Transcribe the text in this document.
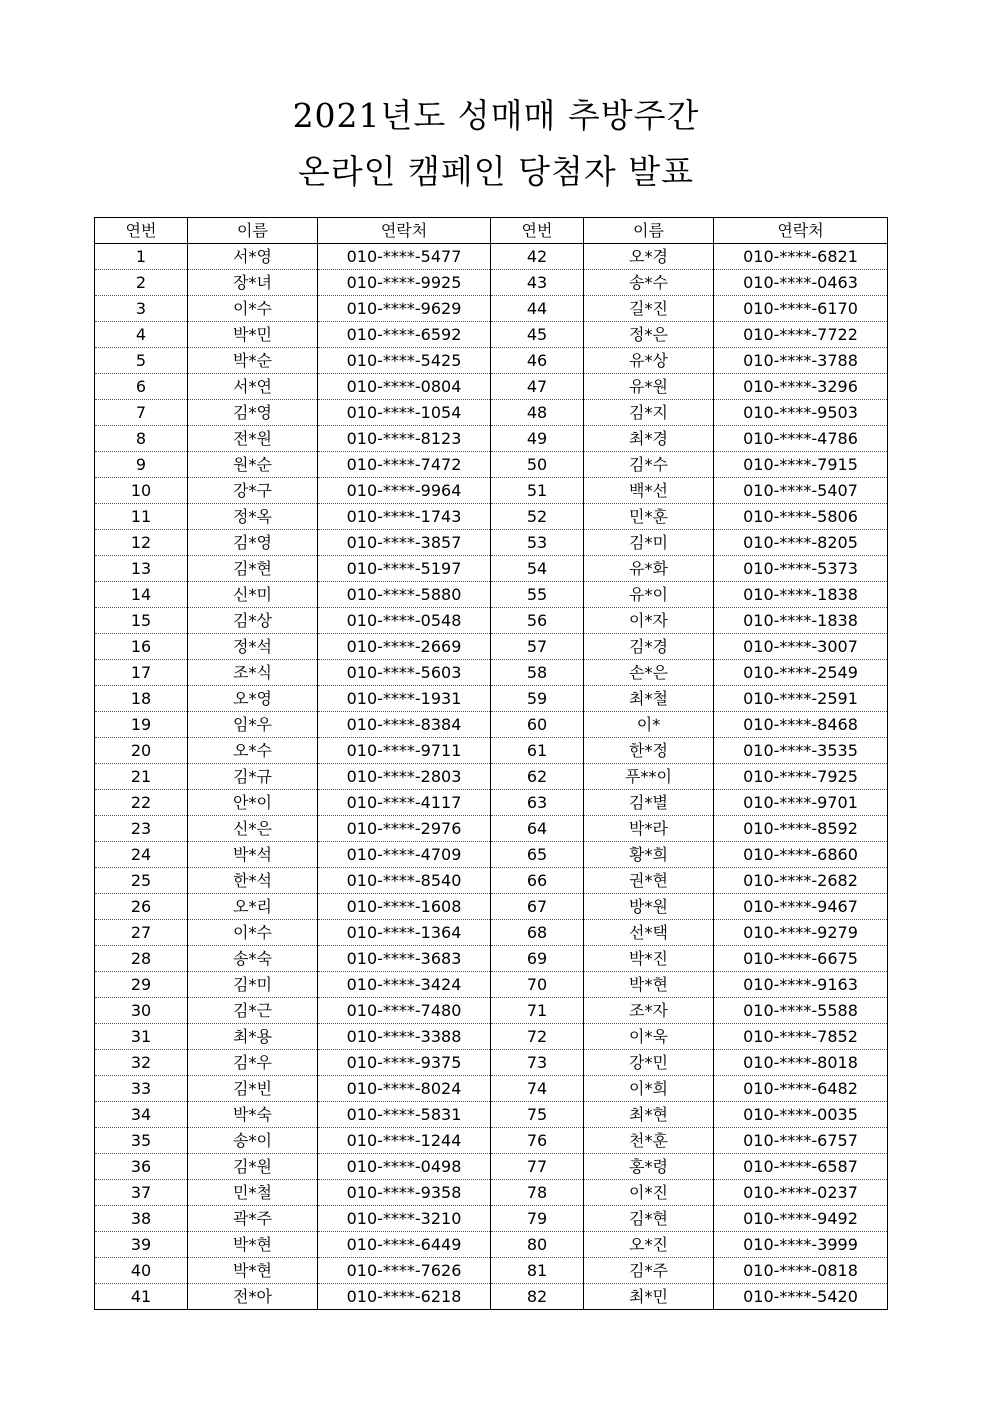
2021년도 성매매 추방주간
온라인 캠페인 당첨자 발표
연번	이름	연락처	연번	이름	연락처
1	서*영	010-****-5477	42	오*경	010-****-6821
2	장*녀	010-****-9925	43	송*수	010-****-0463
3	이*수	010-****-9629	44	길*진	010-****-6170
4	박*민	010-****-6592	45	정*은	010-****-7722
5	박*순	010-****-5425	46	유*상	010-****-3788
6	서*연	010-****-0804	47	유*원	010-****-3296
7	김*영	010-****-1054	48	김*지	010-****-9503
8	전*원	010-****-8123	49	최*경	010-****-4786
9	원*순	010-****-7472	50	김*수	010-****-7915
10	강*구	010-****-9964	51	백*선	010-****-5407
11	정*옥	010-****-1743	52	민*훈	010-****-5806
12	김*영	010-****-3857	53	김*미	010-****-8205
13	김*현	010-****-5197	54	유*화	010-****-5373
14	신*미	010-****-5880	55	유*이	010-****-1838
15	김*상	010-****-0548	56	이*자	010-****-1838
16	정*석	010-****-2669	57	김*경	010-****-3007
17	조*식	010-****-5603	58	손*은	010-****-2549
18	오*영	010-****-1931	59	최*철	010-****-2591
19	임*우	010-****-8384	60	이*	010-****-8468
20	오*수	010-****-9711	61	한*정	010-****-3535
21	김*규	010-****-2803	62	푸**이	010-****-7925
22	안*이	010-****-4117	63	김*별	010-****-9701
23	신*은	010-****-2976	64	박*라	010-****-8592
24	박*석	010-****-4709	65	황*희	010-****-6860
25	한*석	010-****-8540	66	권*현	010-****-2682
26	오*리	010-****-1608	67	방*원	010-****-9467
27	이*수	010-****-1364	68	선*택	010-****-9279
28	송*숙	010-****-3683	69	박*진	010-****-6675
29	김*미	010-****-3424	70	박*현	010-****-9163
30	김*근	010-****-7480	71	조*자	010-****-5588
31	최*용	010-****-3388	72	이*욱	010-****-7852
32	김*우	010-****-9375	73	강*민	010-****-8018
33	김*빈	010-****-8024	74	이*희	010-****-6482
34	박*숙	010-****-5831	75	최*현	010-****-0035
35	송*이	010-****-1244	76	천*훈	010-****-6757
36	김*원	010-****-0498	77	홍*령	010-****-6587
37	민*철	010-****-9358	78	이*진	010-****-0237
38	곽*주	010-****-3210	79	김*현	010-****-9492
39	박*현	010-****-6449	80	오*진	010-****-3999
40	박*현	010-****-7626	81	김*주	010-****-0818
41	전*아	010-****-6218	82	최*민	010-****-5420
